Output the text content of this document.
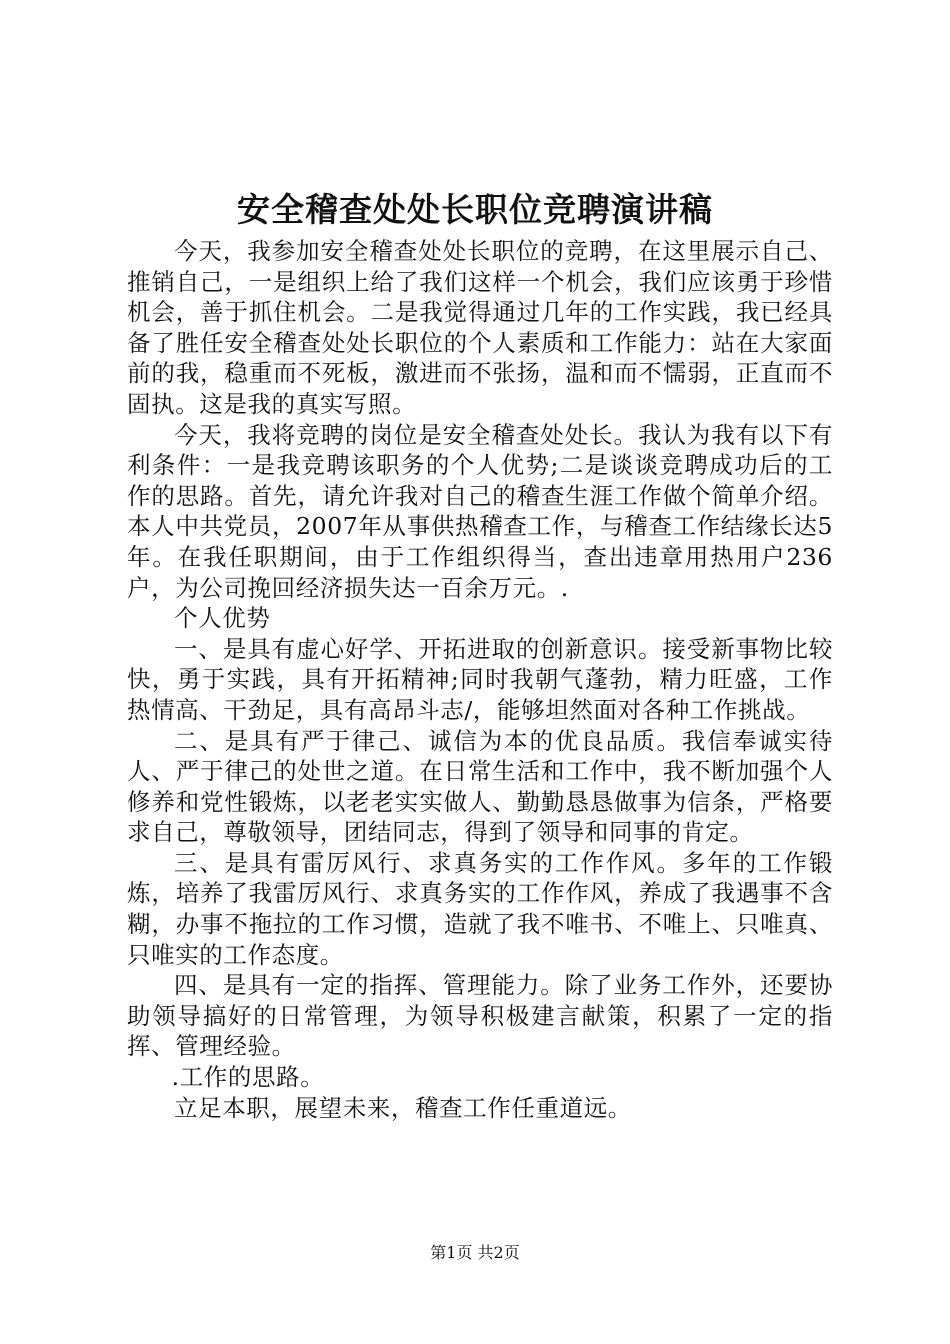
安全稽查处处长职位竞聘演讲稿

今天，我参加安全稽查处处长职位的竞聘，在这里展示自己、推销自己，一是组织上给了我们这样一个机会，我们应该勇于珍惜机会，善于抓住机会。二是我觉得通过几年的工作实践，我已经具备了胜任安全稽查处处长职位的个人素质和工作能力：站在大家面前的我，稳重而不死板，激进而不张扬，温和而不懦弱，正直而不固执。这是我的真实写照。

今天，我将竞聘的岗位是安全稽查处处长。我认为我有以下有利条件：一是我竞聘该职务的个人优势;二是谈谈竞聘成功后的工作的思路。首先，请允许我对自己的稽查生涯工作做个简单介绍。本人中共党员，2007年从事供热稽查工作，与稽查工作结缘长达5年。在我任职期间，由于工作组织得当，查出违章用热用户236户，为公司挽回经济损失达一百余万元。.

个人优势

一、是具有虚心好学、开拓进取的创新意识。接受新事物比较快，勇于实践，具有开拓精神;同时我朝气蓬勃，精力旺盛，工作热情高、干劲足，具有高昂斗志/，能够坦然面对各种工作挑战。

二、是具有严于律己、诚信为本的优良品质。我信奉诚实待人、严于律己的处世之道。在日常生活和工作中，我不断加强个人修养和党性锻炼，以老老实实做人、勤勤恳恳做事为信条，严格要求自己，尊敬领导，团结同志，得到了领导和同事的肯定。

三、是具有雷厉风行、求真务实的工作作风。多年的工作锻炼，培养了我雷厉风行、求真务实的工作作风，养成了我遇事不含糊，办事不拖拉的工作习惯，造就了我不唯书、不唯上、只唯真、只唯实的工作态度。

四、是具有一定的指挥、管理能力。除了业务工作外，还要协助领导搞好的日常管理，为领导积极建言献策，积累了一定的指挥、管理经验。

.工作的思路。

立足本职，展望未来，稽查工作任重道远。

第1页 共2页
